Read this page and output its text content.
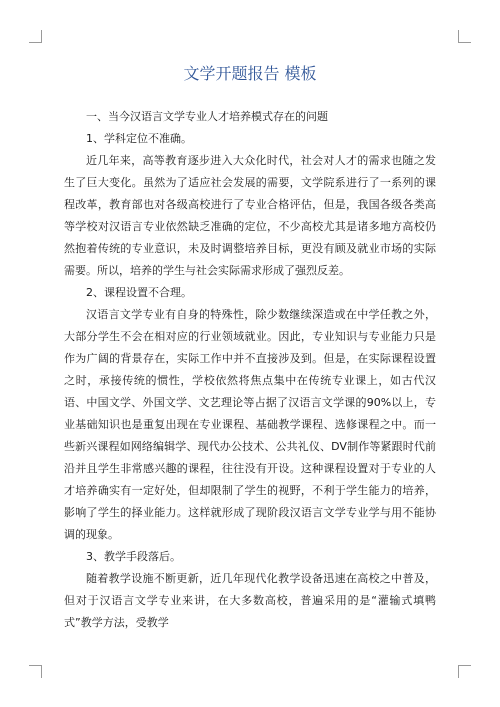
文学开题报告 模板

一、当今汉语言文学专业人才培养模式存在的问题

1、学科定位不准确。

近几年来，高等教育逐步进入大众化时代，社会对人才的需求也随之发生了巨大变化。虽然为了适应社会发展的需要，文学院系进行了一系列的课程改革，教育部也对各级高校进行了专业合格评估，但是，我国各级各类高等学校对汉语言专业依然缺乏准确的定位，不少高校尤其是诸多地方高校仍然抱着传统的专业意识，未及时调整培养目标，更没有顾及就业市场的实际需要。所以，培养的学生与社会实际需求形成了强烈反差。

2、课程设置不合理。

汉语言文学专业有自身的特殊性，除少数继续深造或在中学任教之外，大部分学生不会在相对应的行业领域就业。因此，专业知识与专业能力只是作为广阔的背景存在，实际工作中并不直接涉及到。但是，在实际课程设置之时，承接传统的惯性，学校依然将焦点集中在传统专业课上，如古代汉语、中国文学、外国文学、文艺理论等占据了汉语言文学课的90%以上，专业基础知识也是重复出现在专业课程、基础教学课程、选修课程之中。而一些新兴课程如网络编辑学、现代办公技术、公共礼仪、DV制作等紧跟时代前沿并且学生非常感兴趣的课程，往往没有开设。这种课程设置对于专业的人才培养确实有一定好处，但却限制了学生的视野，不利于学生能力的培养，影响了学生的择业能力。这样就形成了现阶段汉语言文学专业学与用不能协调的现象。

3、教学手段落后。

随着教学设施不断更新，近几年现代化教学设备迅速在高校之中普及，但对于汉语言文学专业来讲，在大多数高校，普遍采用的是“灌输式填鸭式”教学方法，受教学
